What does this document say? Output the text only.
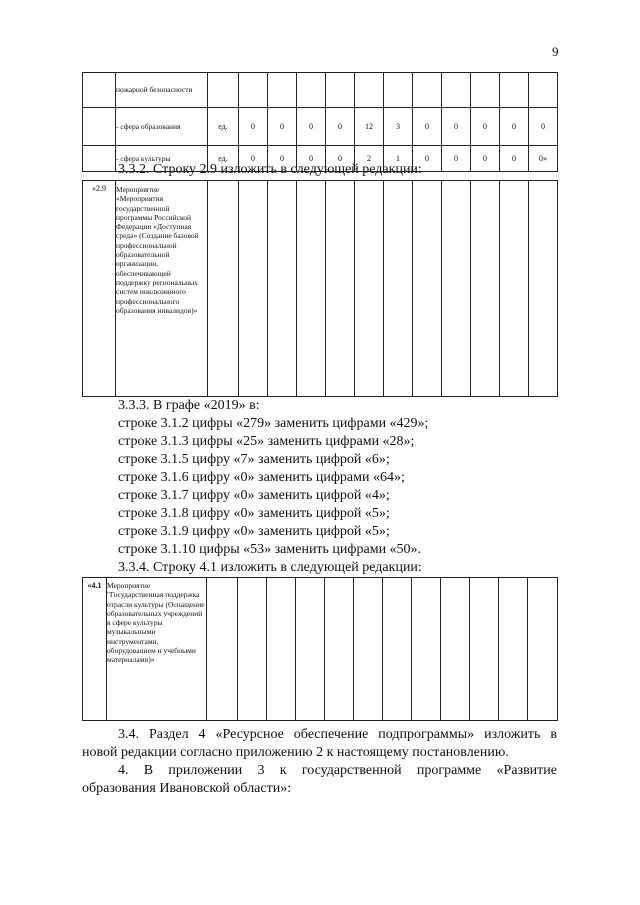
9
	пожарной безопасности												
	- сфера образования	ед.	0	0	0	0	12	3	0	0	0	0	0
	- сфера культуры	ед.	0	0	0	0	2	1	0	0	0	0	0»
3.3.2. Строку 2.9 изложить в следующей редакции:
«2.9	Мероприятие «Мероприятия государственной программы Российской Федерации «Доступная среда» (Создание базовой профессиональной образовательной организации, обеспечивающей поддержку региональных систем инклюзивного профессионального образования инвалидов)»												
3.3.3. В графе «2019» в:
строке 3.1.2 цифры «279» заменить цифрами «429»;
строке 3.1.3 цифры «25» заменить цифрами «28»;
строке 3.1.5 цифру «7» заменить цифрой «6»;
строке 3.1.6 цифру «0» заменить цифрами «64»;
строке 3.1.7 цифру «0» заменить цифрой «4»;
строке 3.1.8 цифру «0» заменить цифрой «5»;
строке 3.1.9 цифру «0» заменить цифрой «5»;
строке 3.1.10 цифры «53» заменить цифрами «50».
3.3.4. Строку 4.1 изложить в следующей редакции:
«4.1	Мероприятие "Государственная поддержка отрасли культуры (Оснащение образовательных учреждений в сфере культуры музыкальными инструментами, оборудованием и учебными материалами)»												
3.4. Раздел 4 «Ресурсное обеспечение подпрограммы» изложить в
новой редакции согласно приложению 2 к настоящему постановлению.
4. В приложении 3 к государственной программе «Развитие
образования Ивановской области»:
